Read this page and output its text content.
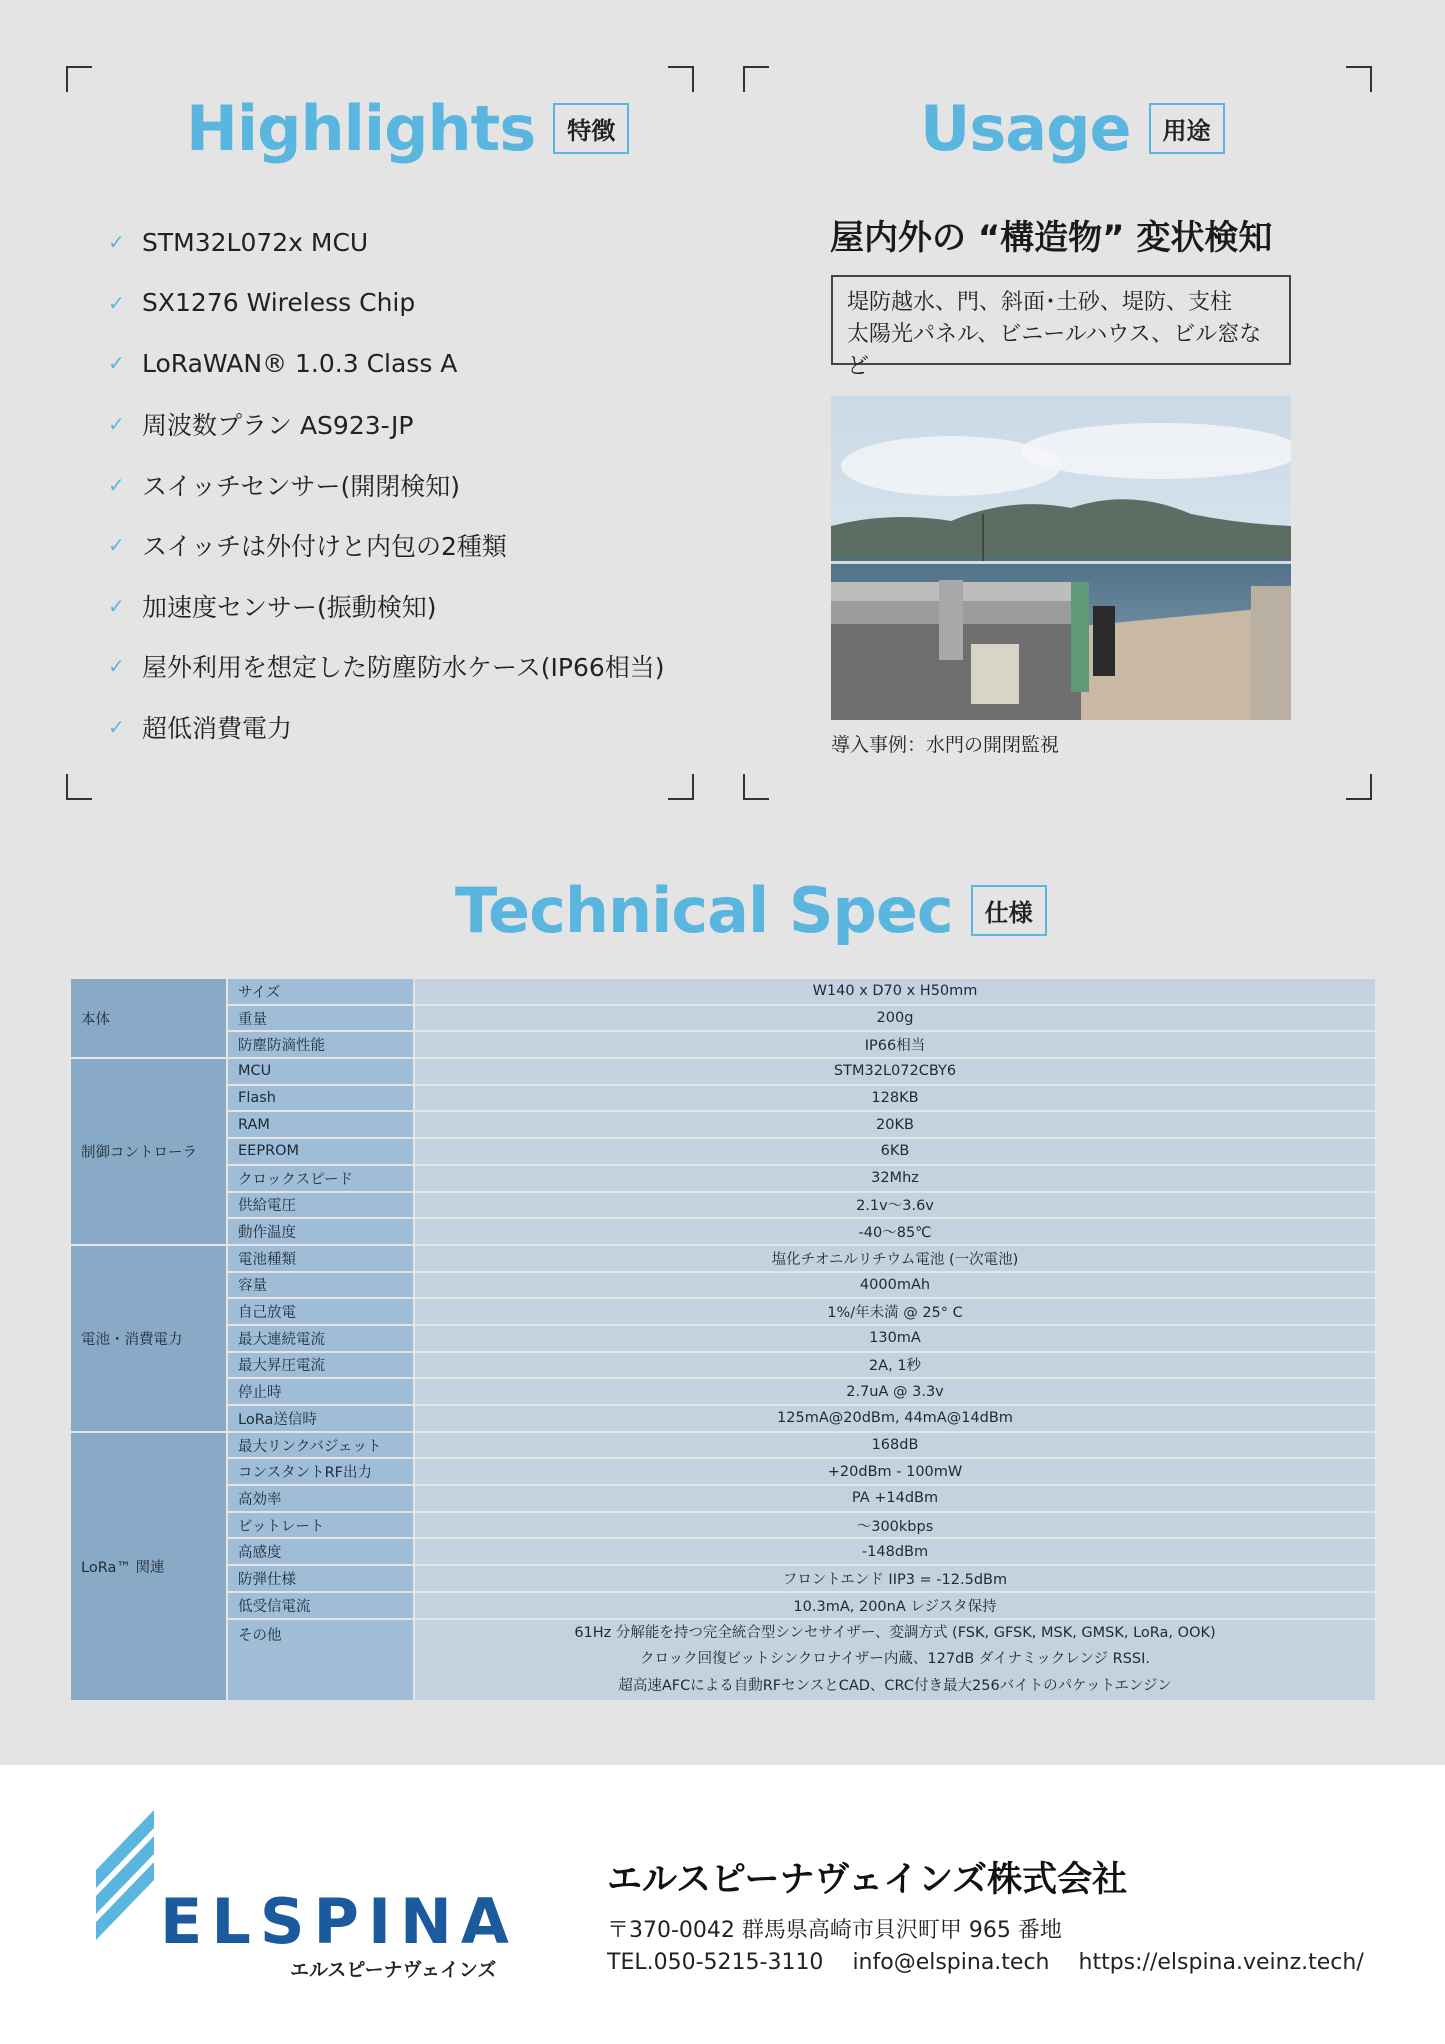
Highlights	特徴
✓ STM32L072x MCU
✓ SX1276 Wireless Chip
✓ LoRaWAN® 1.0.3 Class A
✓ 周波数プラン AS923-JP
✓ スイッチセンサー(開閉検知)
✓ スイッチは外付けと内包の2種類
✓ 加速度センサー(振動検知)
✓ 屋外利用を想定した防塵防水ケース(IP66相当)
✓ 超低消費電力
Usage	用途
屋内外の “構造物” 変状検知
堤防越水、門、斜面･土砂、堤防、支柱
太陽光パネル、ビニールハウス、ビル窓など
導入事例：水門の開閉監視
Technical Spec	仕様
本体	サイズ	W140 x D70 x H50mm
	重量	200g
	防塵防滴性能	IP66相当
制御コントローラ	MCU	STM32L072CBY6
	Flash	128KB
	RAM	20KB
	EEPROM	6KB
	クロックスピード	32Mhz
	供給電圧	2.1v〜3.6v
	動作温度	-40〜85℃
電池・消費電力	電池種類	塩化チオニルリチウム電池 (一次電池)
	容量	4000mAh
	自己放電	1%/年未満 @ 25° C
	最大連続電流	130mA
	最大昇圧電流	2A, 1秒
	停止時	2.7uA @ 3.3v
	LoRa送信時	125mA@20dBm, 44mA@14dBm
LoRa™ 関連	最大リンクバジェット	168dB
	コンスタントRF出力	+20dBm - 100mW
	高効率	PA +14dBm
	ビットレート	〜300kbps
	高感度	-148dBm
	防弾仕様	フロントエンド IIP3 = -12.5dBm
	低受信電流	10.3mA, 200nA レジスタ保持
	その他	61Hz 分解能を持つ完全統合型シンセサイザー、変調方式 (FSK, GFSK, MSK, GMSK, LoRa, OOK)
クロック回復ビットシンクロナイザー内蔵、127dB ダイナミックレンジ RSSI.
超高速AFCによる自動RFセンスとCAD、CRC付き最大256バイトのパケットエンジン
ELSPINA
エルスピーナヴェインズ
エルスピーナヴェインズ株式会社
〒370-0042 群馬県高崎市貝沢町甲 965 番地
TEL.050-5215-3110 info@elspina.tech https://elspina.veinz.tech/
